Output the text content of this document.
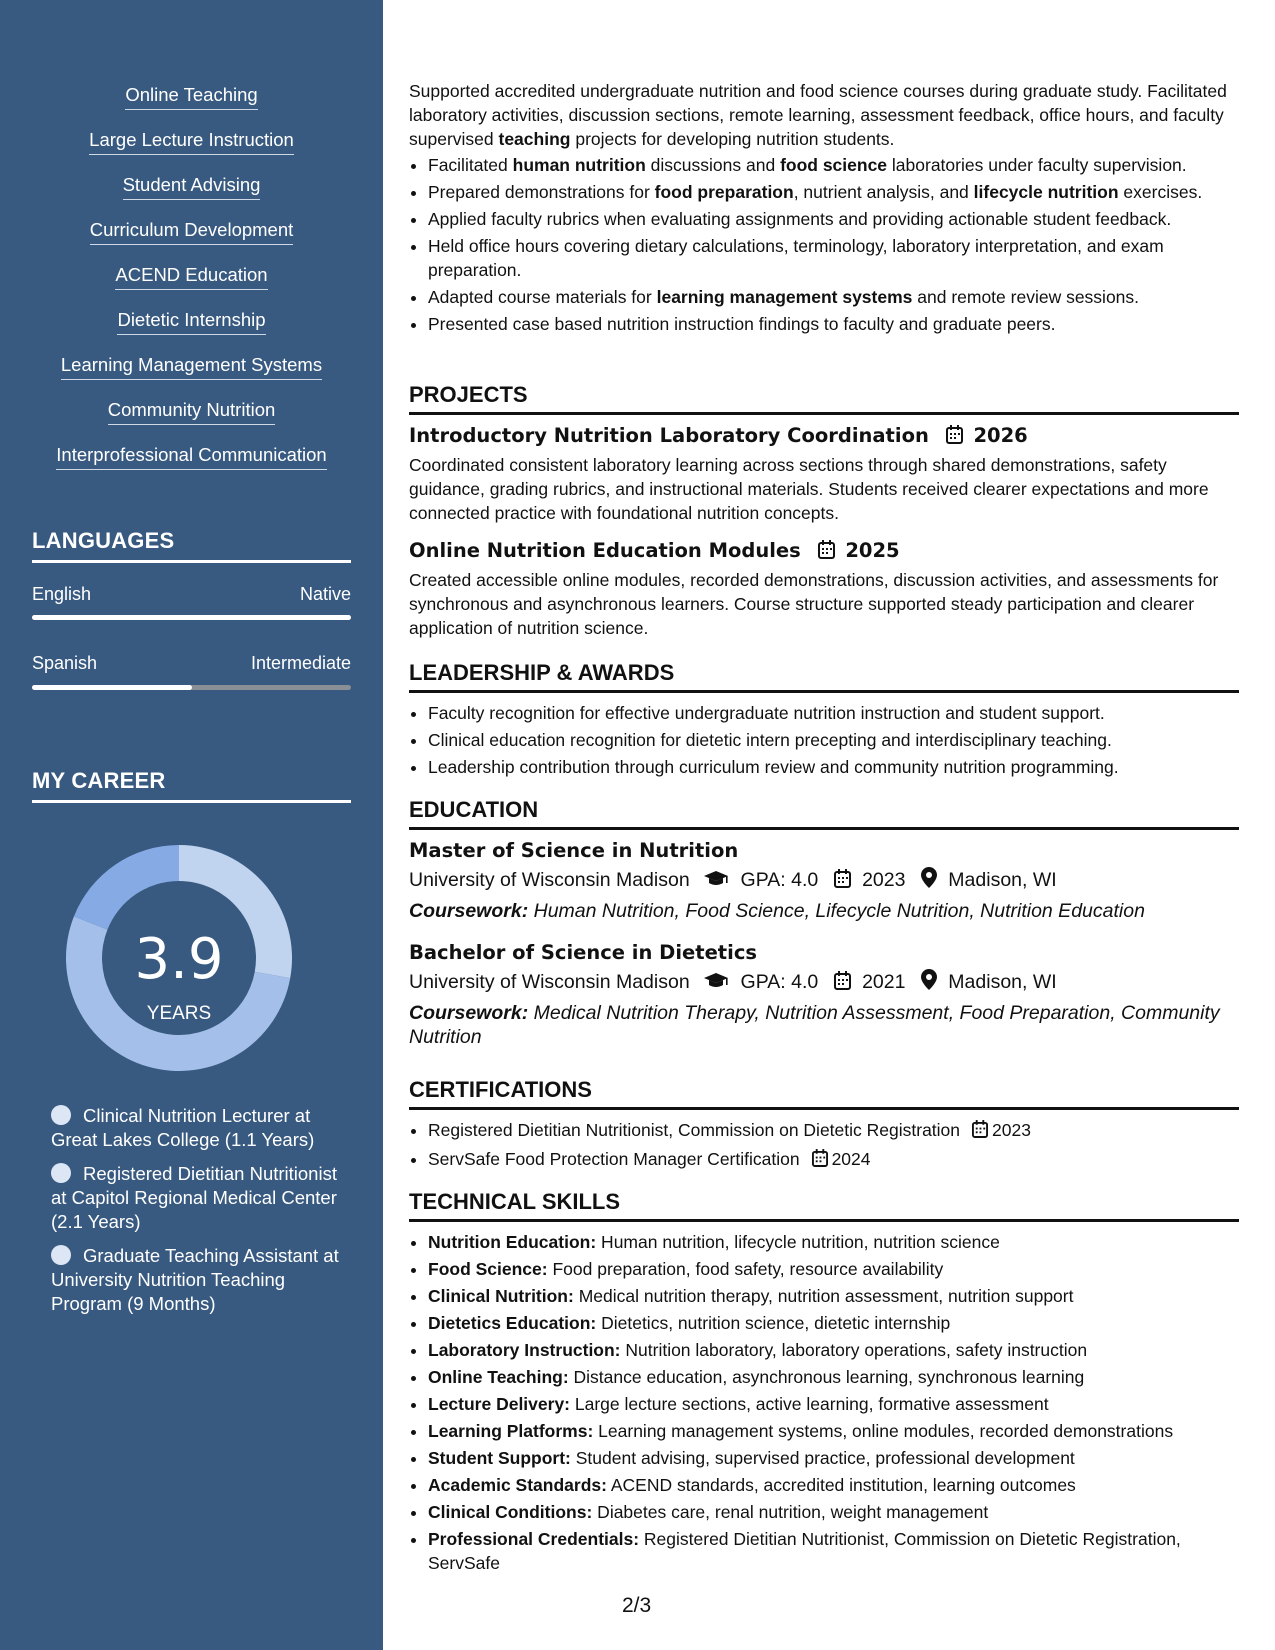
Online Teaching
Large Lecture Instruction
Student Advising
Curriculum Development
ACEND Education
Dietetic Internship
Learning Management Systems
Community Nutrition
Interprofessional Communication
LANGUAGES
English	Native
Spanish	Intermediate
MY CAREER
3.9
YEARS
Clinical Nutrition Lecturer at Great Lakes College (1.1 Years)
Registered Dietitian Nutritionist at Capitol Regional Medical Center (2.1 Years)
Graduate Teaching Assistant at University Nutrition Teaching Program (9 Months)

Supported accredited undergraduate nutrition and food science courses during graduate study. Facilitated laboratory activities, discussion sections, remote learning, assessment feedback, office hours, and faculty supervised teaching projects for developing nutrition students.

• Facilitated human nutrition discussions and food science laboratories under faculty supervision.
• Prepared demonstrations for food preparation, nutrient analysis, and lifecycle nutrition exercises.
• Applied faculty rubrics when evaluating assignments and providing actionable student feedback.
• Held office hours covering dietary calculations, terminology, laboratory interpretation, and exam preparation.
• Adapted course materials for learning management systems and remote review sessions.
• Presented case based nutrition instruction findings to faculty and graduate peers.
PROJECTS
Introductory Nutrition Laboratory Coordination 2026

Coordinated consistent laboratory learning across sections through shared demonstrations, safety guidance, grading rubrics, and instructional materials. Students received clearer expectations and more connected practice with foundational nutrition concepts.

Online Nutrition Education Modules 2025

Created accessible online modules, recorded demonstrations, discussion activities, and assessments for synchronous and asynchronous learners. Course structure supported steady participation and clearer application of nutrition science.

LEADERSHIP & AWARDS
• Faculty recognition for effective undergraduate nutrition instruction and student support.
• Clinical education recognition for dietetic intern precepting and interdisciplinary teaching.
• Leadership contribution through curriculum review and community nutrition programming.
EDUCATION
Master of Science in Nutrition
University of Wisconsin Madison	GPA: 4.0 2023 Madison, WI
Coursework: Human Nutrition, Food Science, Lifecycle Nutrition, Nutrition Education
Bachelor of Science in Dietetics
University of Wisconsin Madison	GPA: 4.0 2021 Madison, WI
Coursework: Medical Nutrition Therapy, Nutrition Assessment, Food Preparation, Community Nutrition
CERTIFICATIONS
• Registered Dietitian Nutritionist, Commission on Dietetic Registration 2023
• ServSafe Food Protection Manager Certification 2024
TECHNICAL SKILLS
• Nutrition Education: Human nutrition, lifecycle nutrition, nutrition science
• Food Science: Food preparation, food safety, resource availability
• Clinical Nutrition: Medical nutrition therapy, nutrition assessment, nutrition support
• Dietetics Education: Dietetics, nutrition science, dietetic internship
• Laboratory Instruction: Nutrition laboratory, laboratory operations, safety instruction
• Online Teaching: Distance education, asynchronous learning, synchronous learning
• Lecture Delivery: Large lecture sections, active learning, formative assessment
• Learning Platforms: Learning management systems, online modules, recorded demonstrations
• Student Support: Student advising, supervised practice, professional development
• Academic Standards: ACEND standards, accredited institution, learning outcomes
• Clinical Conditions: Diabetes care, renal nutrition, weight management
• Professional Credentials: Registered Dietitian Nutritionist, Commission on Dietetic Registration, ServSafe
2/3
